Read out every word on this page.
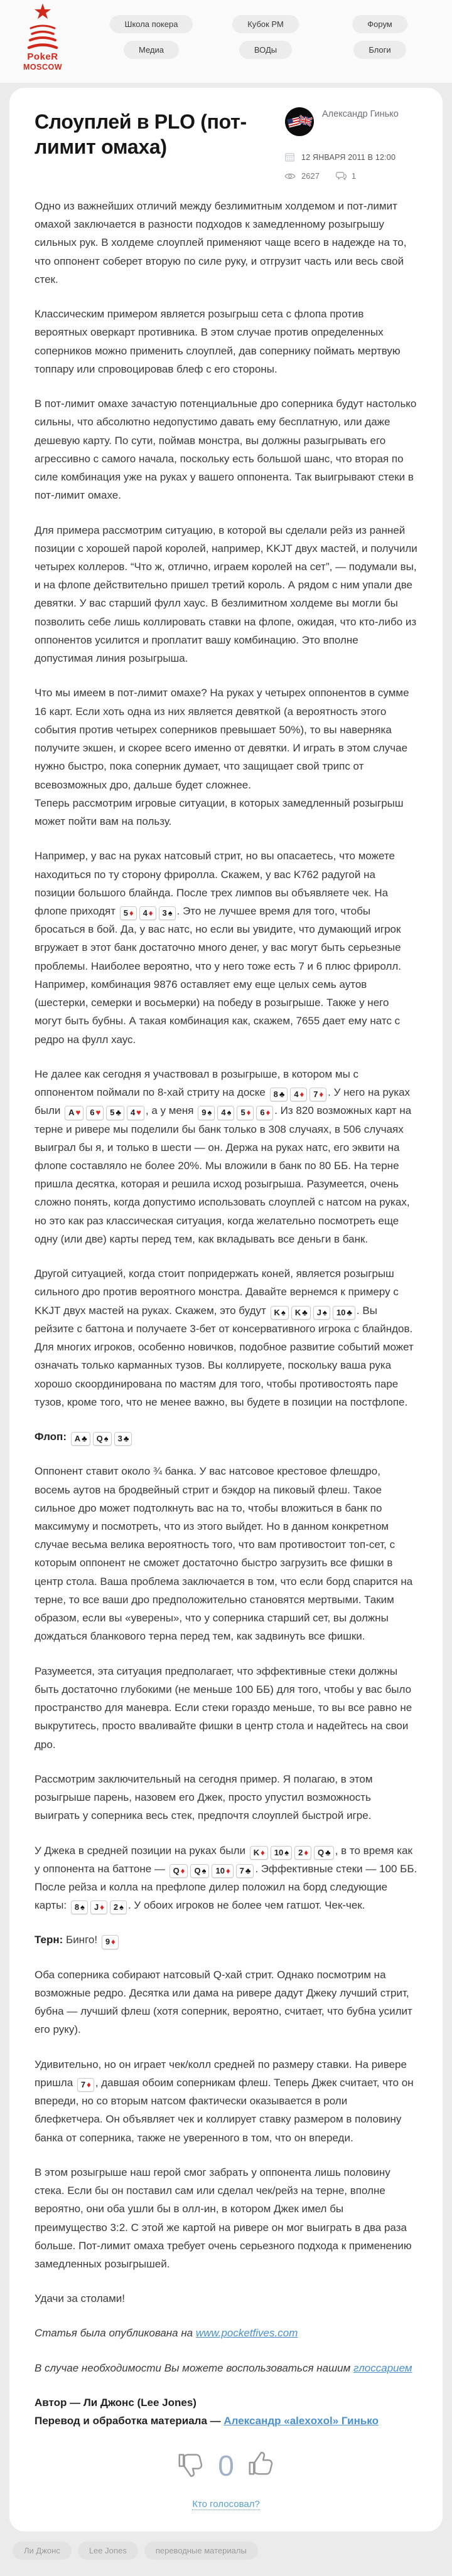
★
PokeR
MOSCOW
Школа покера	Кубок РМ	Форум
Медиа	ВОДы	Блоги
Слоуплей в PLO (пот-лимит омаха)
Александр Гинько
12 ЯНВАРЯ 2011 В 12:00
2627	1

Одно из важнейших отличий между безлимитным холдемом и пот-лимит омахой заключается в разности подходов к замедленному розыгрышу сильных рук. В холдеме слоуплей применяют чаще всего в надежде на то, что оппонент соберет вторую по силе руку, и отгрузит часть или весь свой стек.

Классическим примером является розыгрыш сета с флопа против вероятных оверкарт противника. В этом случае против определенных соперников можно применить слоуплей, дав сопернику поймать мертвую топпару или спровоцировав блеф с его стороны.

В пот-лимит омахе зачастую потенциальные дро соперника будут настолько сильны, что абсолютно недопустимо давать ему бесплатную, или даже дешевую карту. По сути, поймав монстра, вы должны разыгрывать его агрессивно с самого начала, поскольку есть большой шанс, что вторая по силе комбинация уже на руках у вашего оппонента. Так выигрывают стеки в пот-лимит омахе.

Для примера рассмотрим ситуацию, в которой вы сделали рейз из ранней позиции с хорошей парой королей, например, KKJT двух мастей, и получили четырех коллеров. “Что ж, отлично, играем королей на сет”, — подумали вы, и на флопе действительно пришел третий король. А рядом с ним упали две девятки. У вас старший фулл хаус. В безлимитном холдеме вы могли бы позволить себе лишь коллировать ставки на флопе, ожидая, что кто-либо из оппонентов усилится и проплатит вашу комбинацию. Это вполне допустимая линия розыгрыша.

Что мы имеем в пот-лимит омахе? На руках у четырех оппонентов в сумме 16 карт. Если хоть одна из них является девяткой (а вероятность этого события против четырех соперников превышает 50%), то вы наверняка получите экшен, и скорее всего именно от девятки. И играть в этом случае нужно быстро, пока соперник думает, что защищает свой трипс от всевозможных дро, дальше будет сложнее.
Теперь рассмотрим игровые ситуации, в которых замедленный розыгрыш может пойти вам на пользу.

Например, у вас на руках натсовый стрит, но вы опасаетесь, что можете находиться по ту сторону фриролла. Скажем, у вас K762 радугой на позиции большого блайнда. После трех лимпов вы объявляете чек. На флопе приходят 5 ♦ 4 ♦ 3 ♠ . Это не лучшее время для того, чтобы бросаться в бой. Да, у вас натс, но если вы увидите, что думающий игрок вгружает в этот банк достаточно много денег, у вас могут быть серьезные проблемы. Наиболее вероятно, что у него тоже есть 7 и 6 плюс фриролл. Например, комбинация 9876 оставляет ему еще целых семь аутов (шестерки, семерки и восьмерки) на победу в розыгрыше. Также у него могут быть бубны. А такая комбинация как, скажем, 7655 дает ему натс с редро на фулл хаус.

Не далее как сегодня я участвовал в розыгрыше, в котором мы с оппонентом поймали по 8-хай стриту на доске 8 ♣ 4 ♦ 7 ♦ . У него на руках были A ♥ 6 ♥ 5 ♣ 4 ♥ , а у меня 9 ♠ 4 ♠ 5 ♦ 6 ♦ . Из 820 возможных карт на терне и ривере мы поделили бы банк только в 308 случаях, в 506 случаях выиграл бы я, и только в шести — он. Держа на руках натс, его эквити на флопе составляло не более 20%. Мы вложили в банк по 80 ББ. На терне пришла десятка, которая и решила исход розыгрыша. Разумеется, очень сложно понять, когда допустимо использовать слоуплей с натсом на руках, но это как раз классическая ситуация, когда желательно посмотреть еще одну (или две) карты перед тем, как вкладывать все деньги в банк.

Другой ситуацией, когда стоит попридержать коней, является розыгрыш сильного дро против вероятного монстра. Давайте вернемся к примеру с KKJT двух мастей на руках. Скажем, это будут K ♠ K ♣ J ♠ 10 ♣ . Вы рейзите с баттона и получаете 3-бет от консервативного игрока с блайндов. Для многих игроков, особенно новичков, подобное развитие событий может означать только карманных тузов. Вы коллируете, поскольку ваша рука хорошо скоординирована по мастям для того, чтобы противостоять паре тузов, кроме того, что не менее важно, вы будете в позиции на постфлопе.

Флоп: A ♣ Q ♠ 3 ♣

Оппонент ставит около ¾ банка. У вас натсовое крестовое флешдро, восемь аутов на бродвейный стрит и бэкдор на пиковый флеш. Такое сильное дро может подтолкнуть вас на то, чтобы вложиться в банк по максимуму и посмотреть, что из этого выйдет. Но в данном конкретном случае весьма велика вероятность того, что вам противостоит топ-сет, с которым оппонент не сможет достаточно быстро загрузить все фишки в центр стола. Ваша проблема заключается в том, что если борд спарится на терне, то все ваши дро предположительно становятся мертвыми. Таким образом, если вы «уверены», что у соперника старший сет, вы должны дождаться бланкового терна перед тем, как задвинуть все фишки.

Разумеется, эта ситуация предполагает, что эффективные стеки должны быть достаточно глубокими (не меньше 100 ББ) для того, чтобы у вас было пространство для маневра. Если стеки гораздо меньше, то вы все равно не выкрутитесь, просто вваливайте фишки в центр стола и надейтесь на свои дро.

Рассмотрим заключительный на сегодня пример. Я полагаю, в этом розыгрыше парень, назовем его Джек, просто упустил возможность выиграть у соперника весь стек, предпочтя слоуплей быстрой игре.

У Джека в средней позиции на руках были K ♦ 10 ♠ 2 ♦ Q ♣ , в то время как у оппонента на баттоне — Q ♦ Q ♠ 10 ♦ 7 ♣ . Эффективные стеки — 100 ББ. После рейза и колла на префлопе дилер положил на борд следующие карты: 8 ♠ J ♦ 2 ♠ . У обоих игроков не более чем гатшот. Чек-чек.

Терн: Бинго! 9 ♦

Оба соперника собирают натсовый Q-хай стрит. Однако посмотрим на возможные редро. Десятка или дама на ривере дадут Джеку лучший стрит, бубна — лучший флеш (хотя соперник, вероятно, считает, что бубна усилит его руку).

Удивительно, но он играет чек/колл средней по размеру ставки. На ривере пришла 7 ♦ , давшая обоим соперникам флеш. Теперь Джек считает, что он впереди, но со вторым натсом фактически оказывается в роли блефкетчера. Он объявляет чек и коллирует ставку размером в половину банка от соперника, также не уверенного в том, что он впереди.

В этом розыгрыше наш герой смог забрать у оппонента лишь половину стека. Если бы он поставил сам или сделал чек/рейз на терне, вполне вероятно, они оба ушли бы в олл-ин, в котором Джек имел бы преимущество 3:2. С этой же картой на ривере он мог выиграть в два раза больше. Пот-лимит омаха требует очень серьезного подхода к применению замедленных розыгрышей.

Удачи за столами!

Статья была опубликована на www.pocketfives.com

В случае необходимости Вы можете воспользоваться нашим глоссарием

Автор — Ли Джонс (Lee Jones)
Перевод и обработка материала — Александр «alexoxol» Гинько

0
Кто голосовал?
Ли Джонс	Lee Jones	переводные материалы
